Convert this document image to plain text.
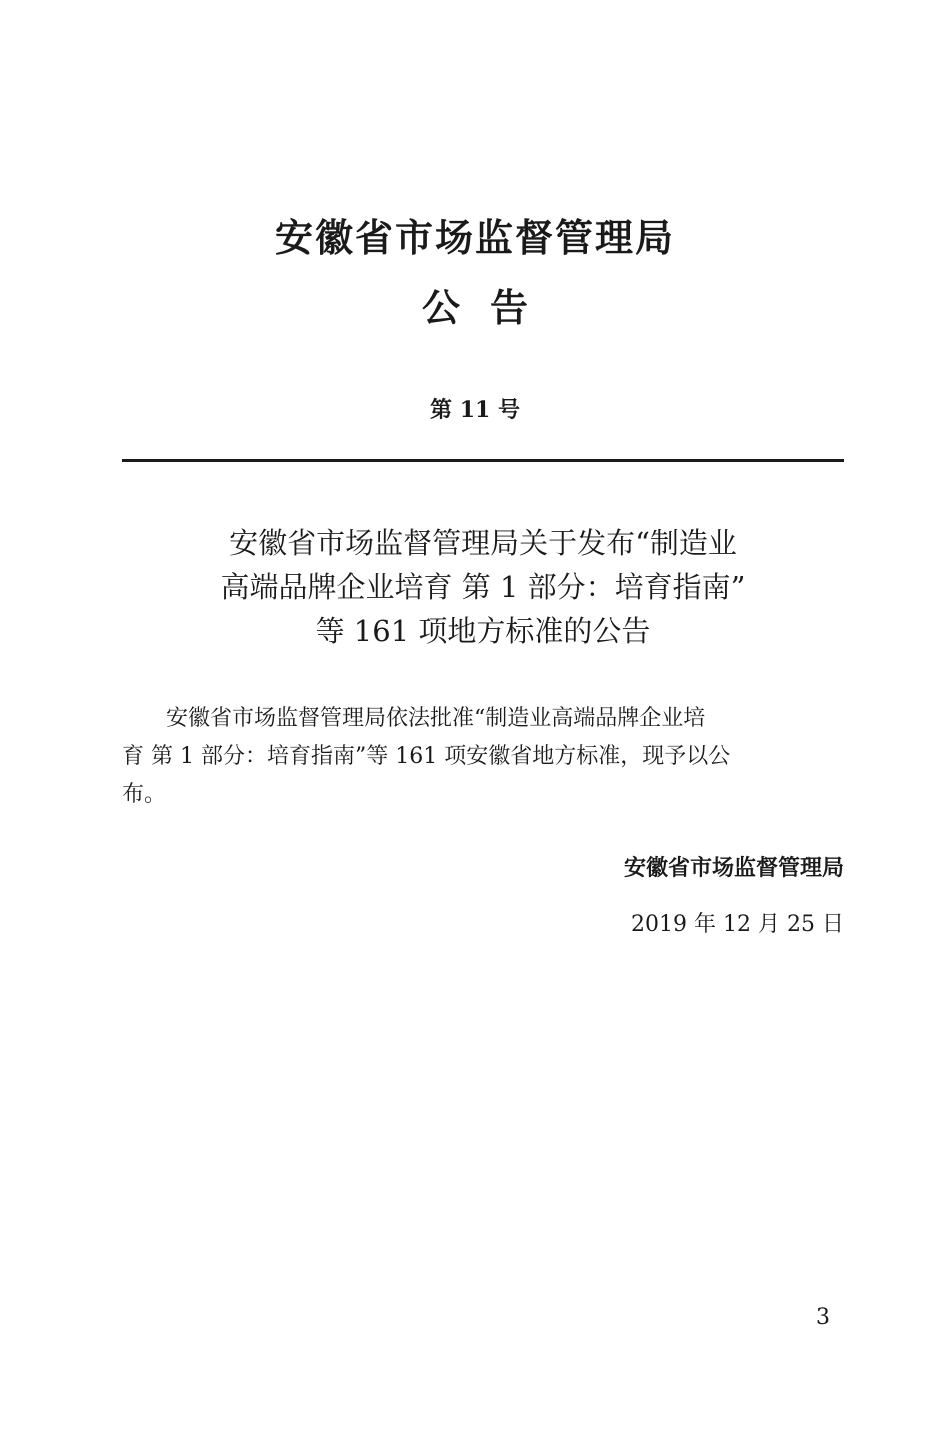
安徽省市场监督管理局
公告
第 11 号
安徽省市场监督管理局关于发布“制造业
高端品牌企业培育 第 1 部分：培育指南”
等 161 项地方标准的公告
　　安徽省市场监督管理局依法批准“制造业高端品牌企业培
育 第 1 部分：培育指南”等 161 项安徽省地方标准，现予以公
布。
安徽省市场监督管理局
2019 年 12 月 25 日
3
